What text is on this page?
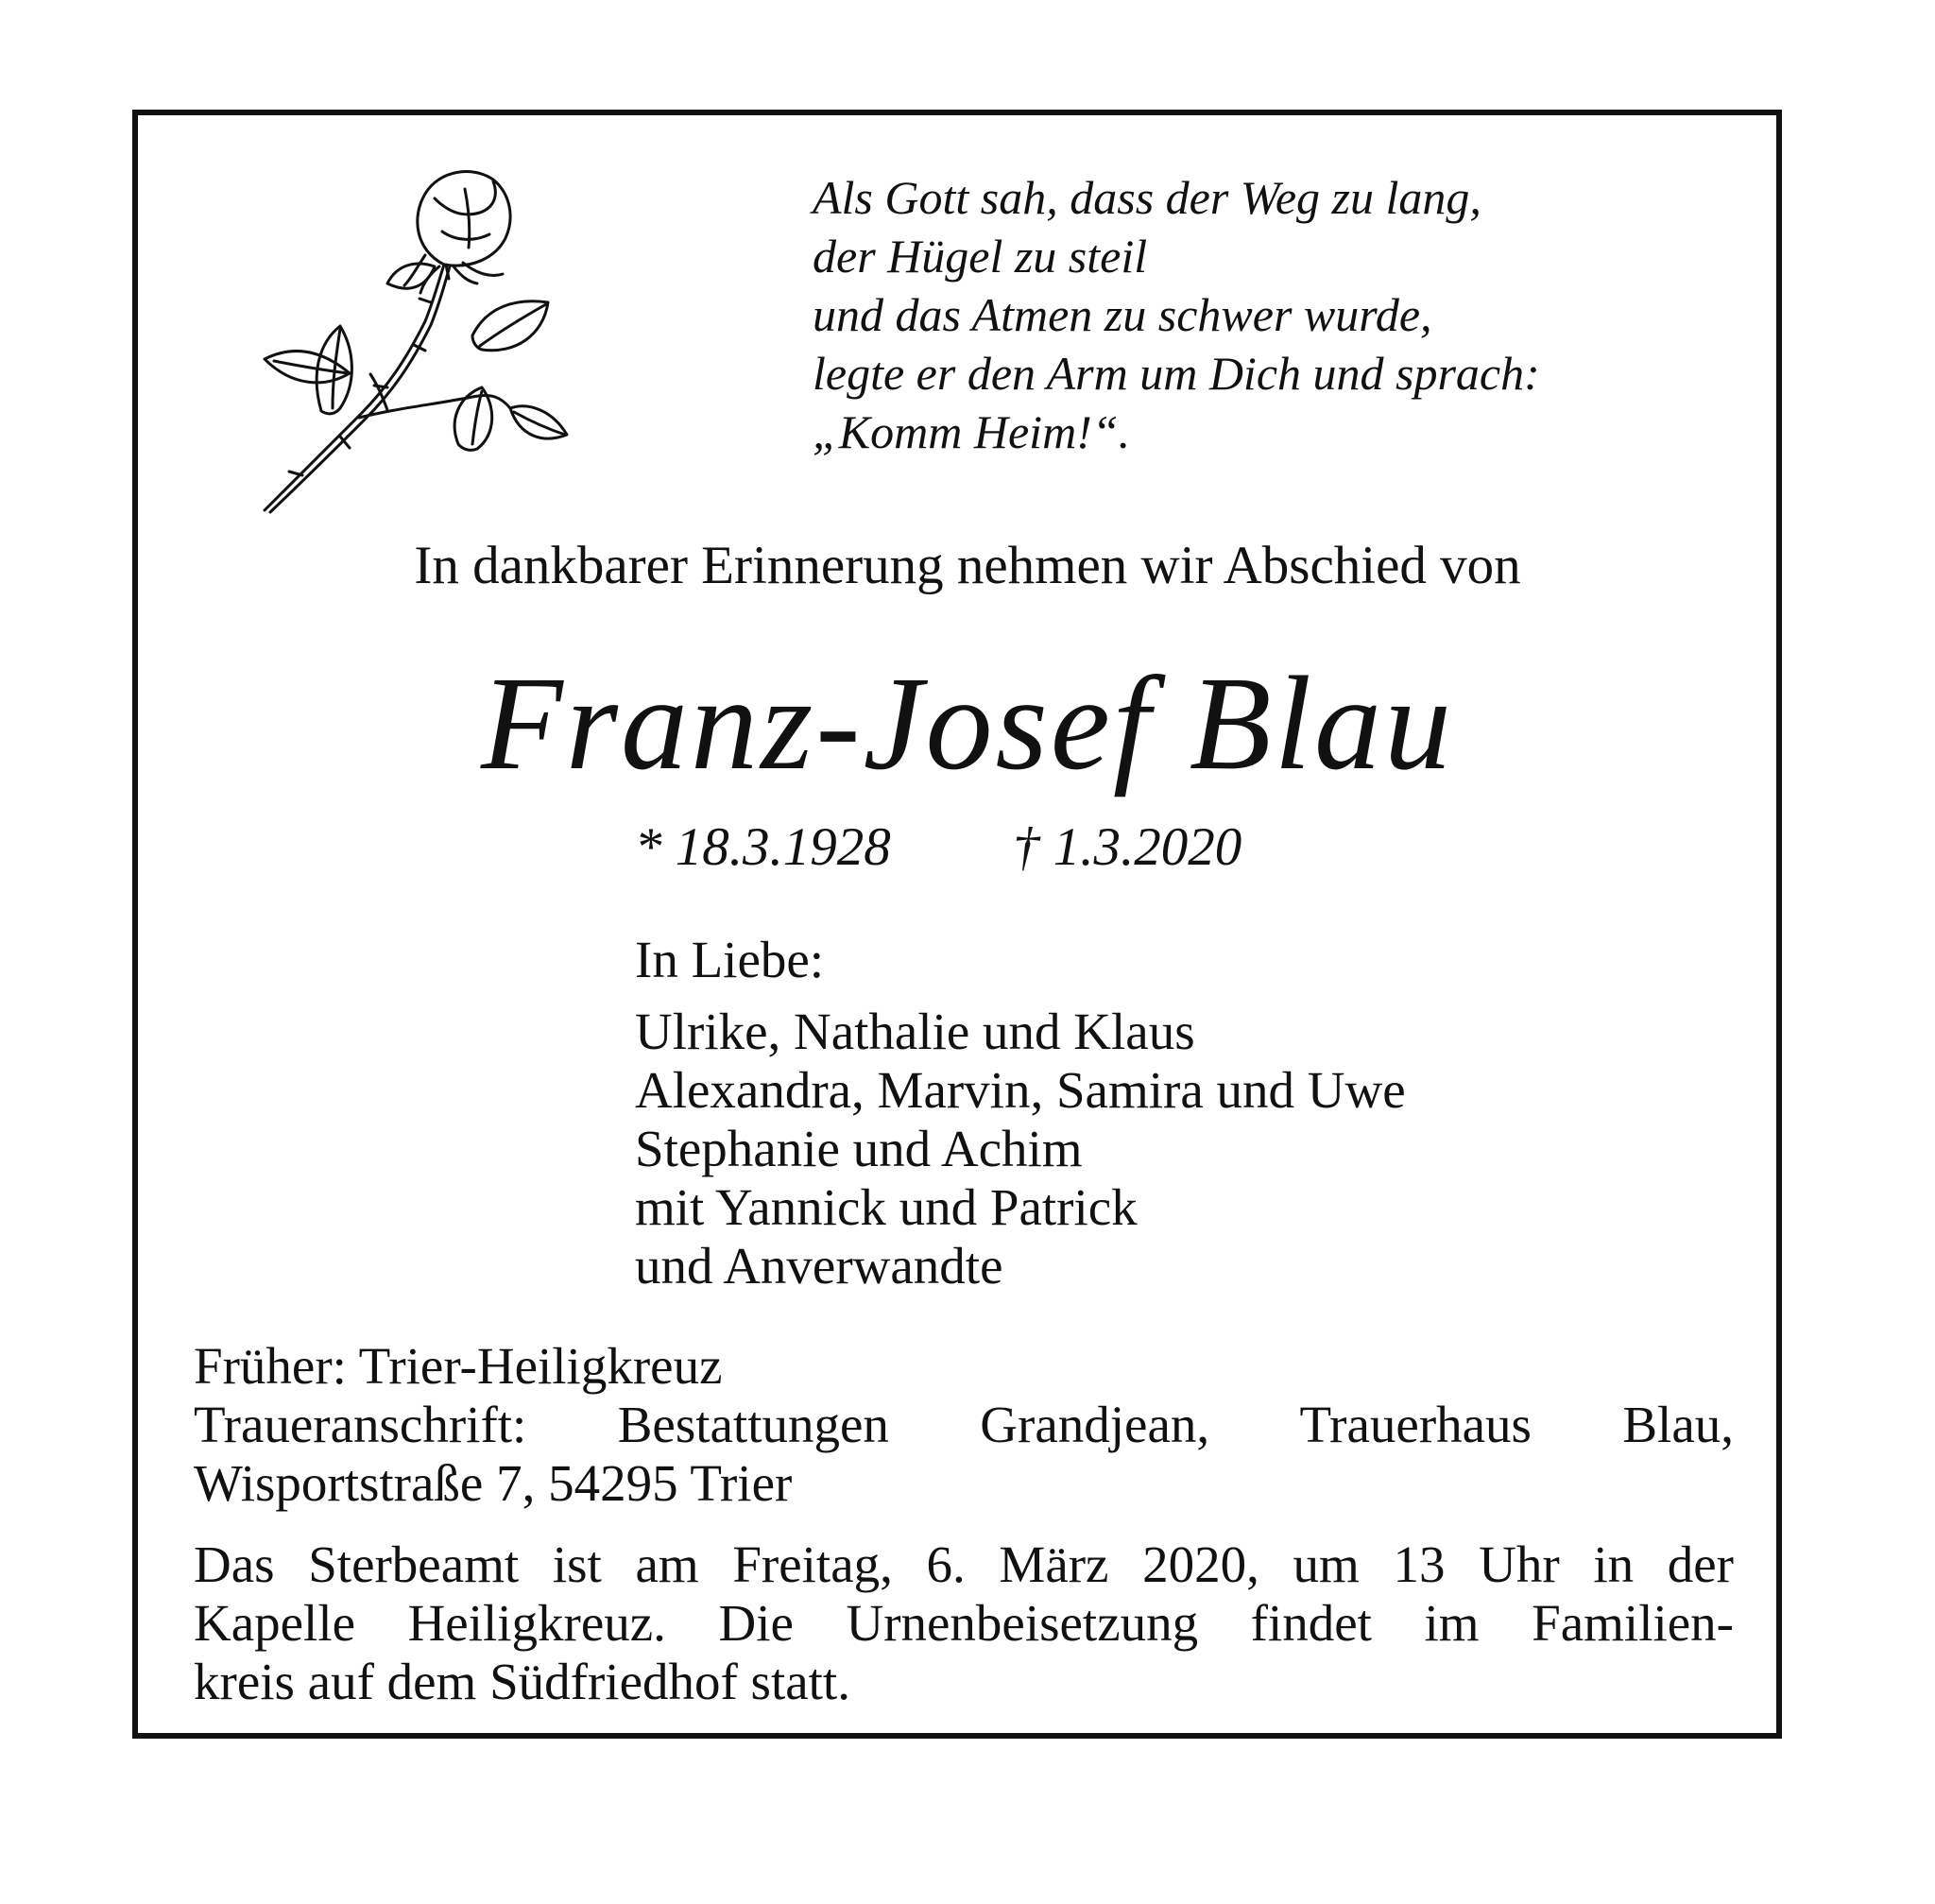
Als Gott sah, dass der Weg zu lang,
der Hügel zu steil
und das Atmen zu schwer wurde,
legte er den Arm um Dich und sprach:
„Komm Heim!“.
In dankbarer Erinnerung nehmen wir Abschied von
Franz-Josef Blau
* 18.3.1928 † 1.3.2020
In Liebe:
Ulrike, Nathalie und Klaus
Alexandra, Marvin, Samira und Uwe
Stephanie und Achim
mit Yannick und Patrick
und Anverwandte
Früher: Trier-Heiligkreuz
Traueranschrift: Bestattungen Grandjean, Trauerhaus Blau,
Wisportstraße 7, 54295 Trier
Das Sterbeamt ist am Freitag, 6. März 2020, um 13 Uhr in der
Kapelle Heiligkreuz. Die Urnenbeisetzung findet im Familien-
kreis auf dem Südfriedhof statt.
